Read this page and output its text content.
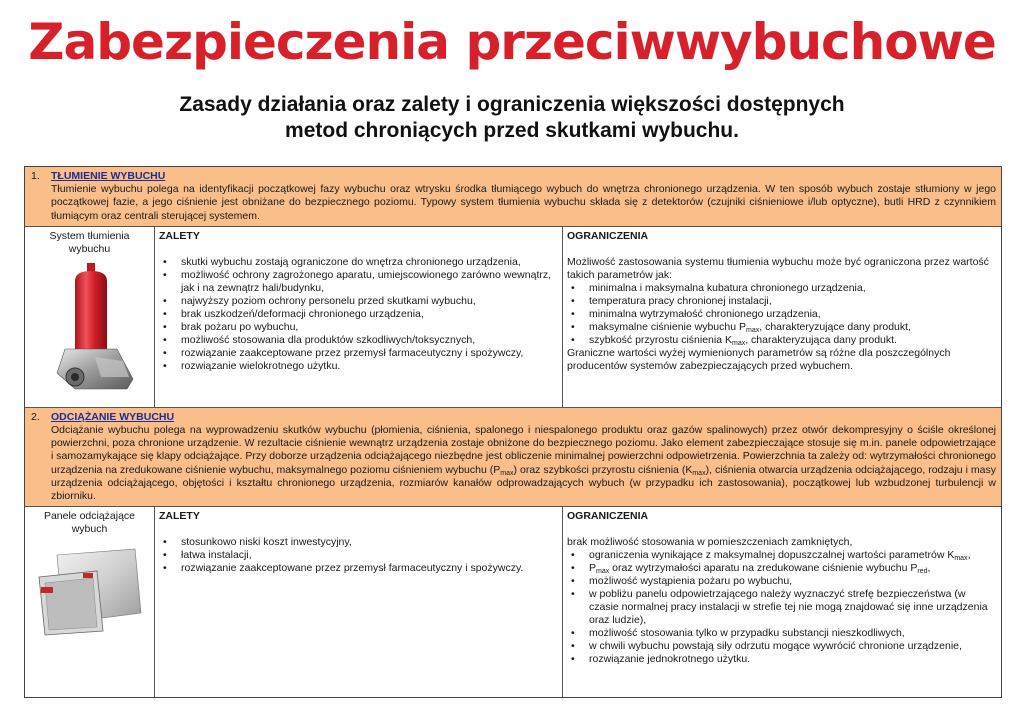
Zabezpieczenia przeciwwybuchowe
Zasady działania oraz zalety i ograniczenia większości dostępnych
metod chroniących przed skutkami wybuchu.
1. TŁUMIENIE WYBUCHU
Tłumienie wybuchu polega na identyfikacji początkowej fazy wybuchu oraz wtrysku środka tłumiącego wybuch do wnętrza chronionego urządzenia. W ten sposób wybuch zostaje stłumiony w jego początkowej fazie, a jego ciśnienie jest obniżane do bezpiecznego poziomu. Typowy system tłumienia wybuchu składa się z detektorów (czujniki ciśnieniowe i/lub optyczne), butli HRD z czynnikiem tłumiącym oraz centrali sterującej systemem.
System tłumienia wybuchu
ZALETY
• skutki wybuchu zostają ograniczone do wnętrza chronionego urządzenia,
• możliwość ochrony zagrożonego aparatu, umiejscowionego zarówno wewnątrz, jak i na zewnątrz hali/budynku,
• najwyższy poziom ochrony personelu przed skutkami wybuchu,
• brak uszkodzeń/deformacji chronionego urządzenia,
• brak pożaru po wybuchu,
• możliwość stosowania dla produktów szkodliwych/toksycznych,
• rozwiązanie zaakceptowane przez przemysł farmaceutyczny i spożywczy,
• rozwiązanie wielokrotnego użytku.
OGRANICZENIA
Możliwość zastosowania systemu tłumienia wybuchu może być ograniczona przez wartość takich parametrów jak:
• minimalna i maksymalna kubatura chronionego urządzenia,
• temperatura pracy chronionej instalacji,
• minimalna wytrzymałość chronionego urządzenia,
• maksymalne ciśnienie wybuchu $P_{max}$, charakteryzujące dany produkt,
• szybkość przyrostu ciśnienia $K_{max}$, charakteryzująca dany produkt.
Graniczne wartości wyżej wymienionych parametrów są różne dla poszczególnych producentów systemów zabezpieczających przed wybuchem.
2. ODCIĄŻANIE WYBUCHU
Odciążanie wybuchu polega na wyprowadzeniu skutków wybuchu (płomienia, ciśnienia, spalonego i niespalonego produktu oraz gazów spalinowych) przez otwór dekompresyjny o ściśle określonej powierzchni, poza chronione urządzenie. W rezultacie ciśnienie wewnątrz urządzenia zostaje obniżone do bezpiecznego poziomu. Jako element zabezpieczające stosuje się m.in. panele odpowietrzające i samozamykające się klapy odciążające. Przy doborze urządzenia odciążającego niezbędne jest obliczenie minimalnej powierzchni odpowietrzenia. Powierzchnia ta zależy od: wytrzymałości chronionego urządzenia na zredukowane ciśnienie wybuchu, maksymalnego poziomu ciśnieniem wybuchu $(P_{max})$ oraz szybkości przyrostu ciśnienia $(K_{max})$, ciśnienia otwarcia urządzenia odciążającego, rodzaju i masy urządzenia odciążającego, objętości i kształtu chronionego urządzenia, rozmiarów kanałów odprowadzających wybuch (w przypadku ich zastosowania), początkowej lub wzbudzonej turbulencji w zbiorniku.
Panele odciążające wybuch
ZALETY
• stosunkowo niski koszt inwestycyjny,
• łatwa instalacji,
• rozwiązanie zaakceptowane przez przemysł farmaceutyczny i spożywczy.
OGRANICZENIA
brak możliwość stosowania w pomieszczeniach zamkniętych,
• ograniczenia wynikające z maksymalnej dopuszczalnej wartości parametrów $K_{max}$,
• $P_{max}$ oraz wytrzymałości aparatu na zredukowane ciśnienie wybuchu $P_{red}$,
• możliwość wystąpienia pożaru po wybuchu,
• w pobliżu panelu odpowietrzającego należy wyznaczyć strefę bezpieczeństwa (w czasie normalnej pracy instalacji w strefie tej nie mogą znajdować się inne urządzenia oraz ludzie),
• możliwość stosowania tylko w przypadku substancji nieszkodliwych,
• w chwili wybuchu powstają siły odrzutu mogące wywrócić chronione urządzenie,
• rozwiązanie jednokrotnego użytku.
